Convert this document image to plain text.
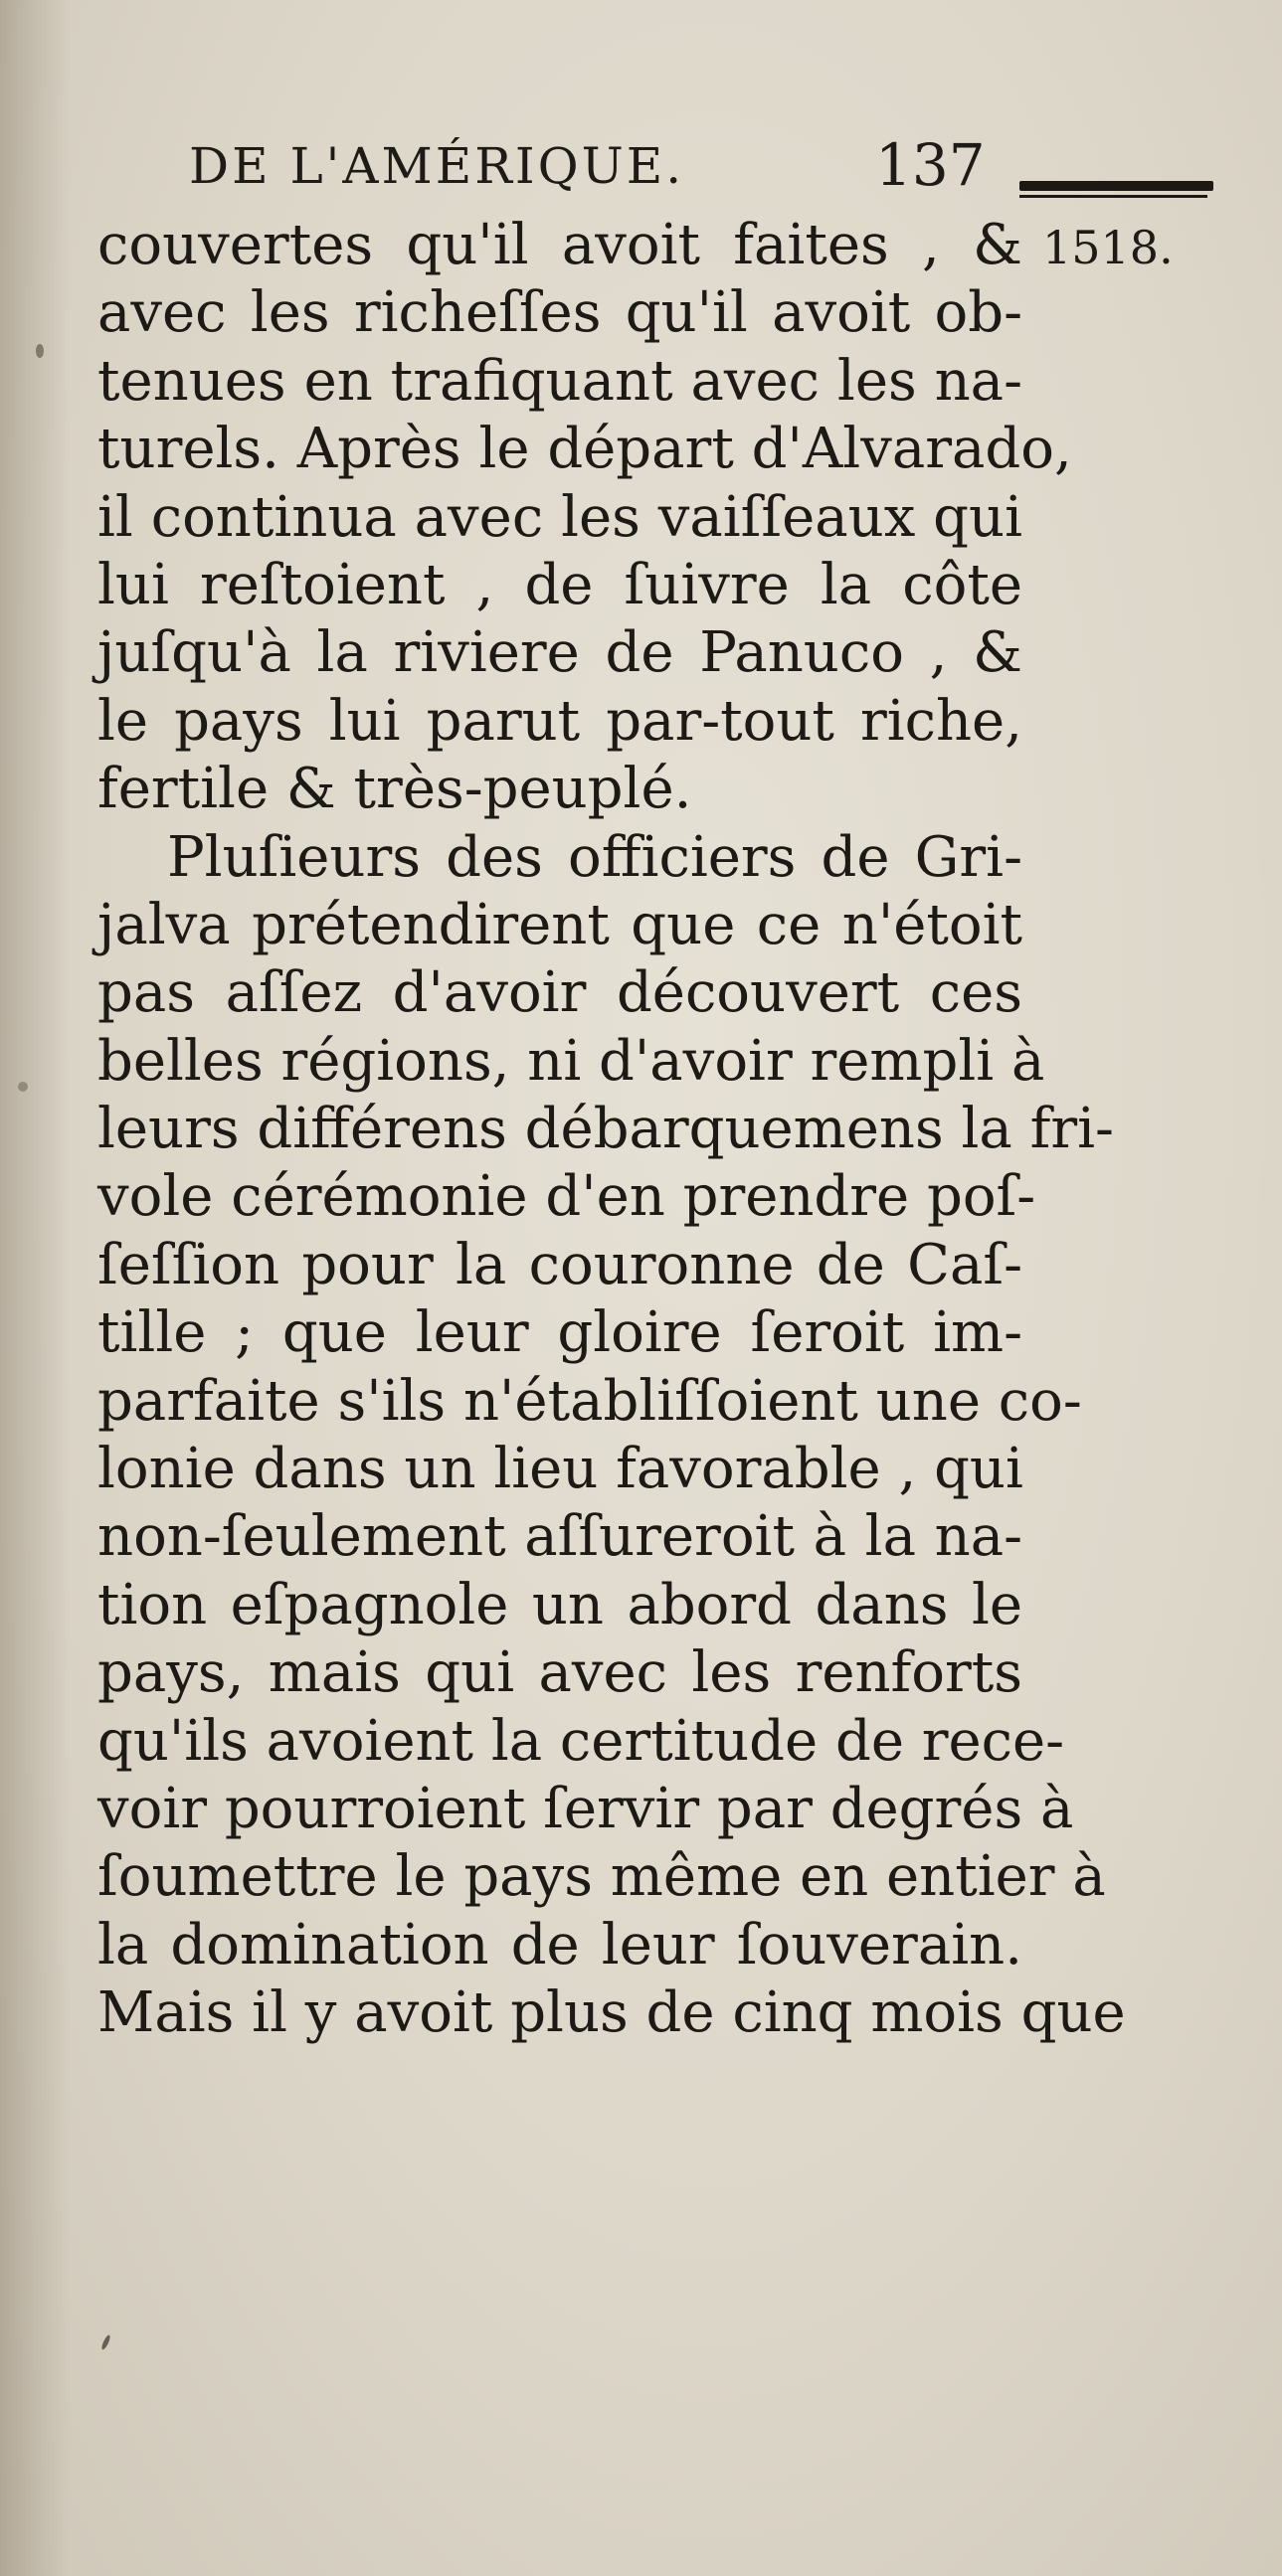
DE L'AMÉRIQUE.	137
1518.
couvertes qu'il avoit faites , &
avec les richeſſes qu'il avoit ob-
tenues en trafiquant avec les na-
turels. Après le départ d'Alvarado,
il continua avec les vaiſſeaux qui
lui reſtoient , de ſuivre la côte
juſqu'à la riviere de Panuco , &
le pays lui parut par-tout riche,
fertile & très-peuplé.
Pluſieurs des officiers de Gri-
jalva prétendirent que ce n'étoit
pas aſſez d'avoir découvert ces
belles régions, ni d'avoir rempli à
leurs différens débarquemens la fri-
vole cérémonie d'en prendre poſ-
ſeſſion pour la couronne de Caſ-
tille ; que leur gloire ſeroit im-
parfaite s'ils n'établiſſoient une co-
lonie dans un lieu favorable , qui
non-ſeulement aſſureroit à la na-
tion eſpagnole un abord dans le
pays, mais qui avec les renforts
qu'ils avoient la certitude de rece-
voir pourroient ſervir par degrés à
ſoumettre le pays même en entier à
la domination de leur ſouverain.
Mais il y avoit plus de cinq mois que
